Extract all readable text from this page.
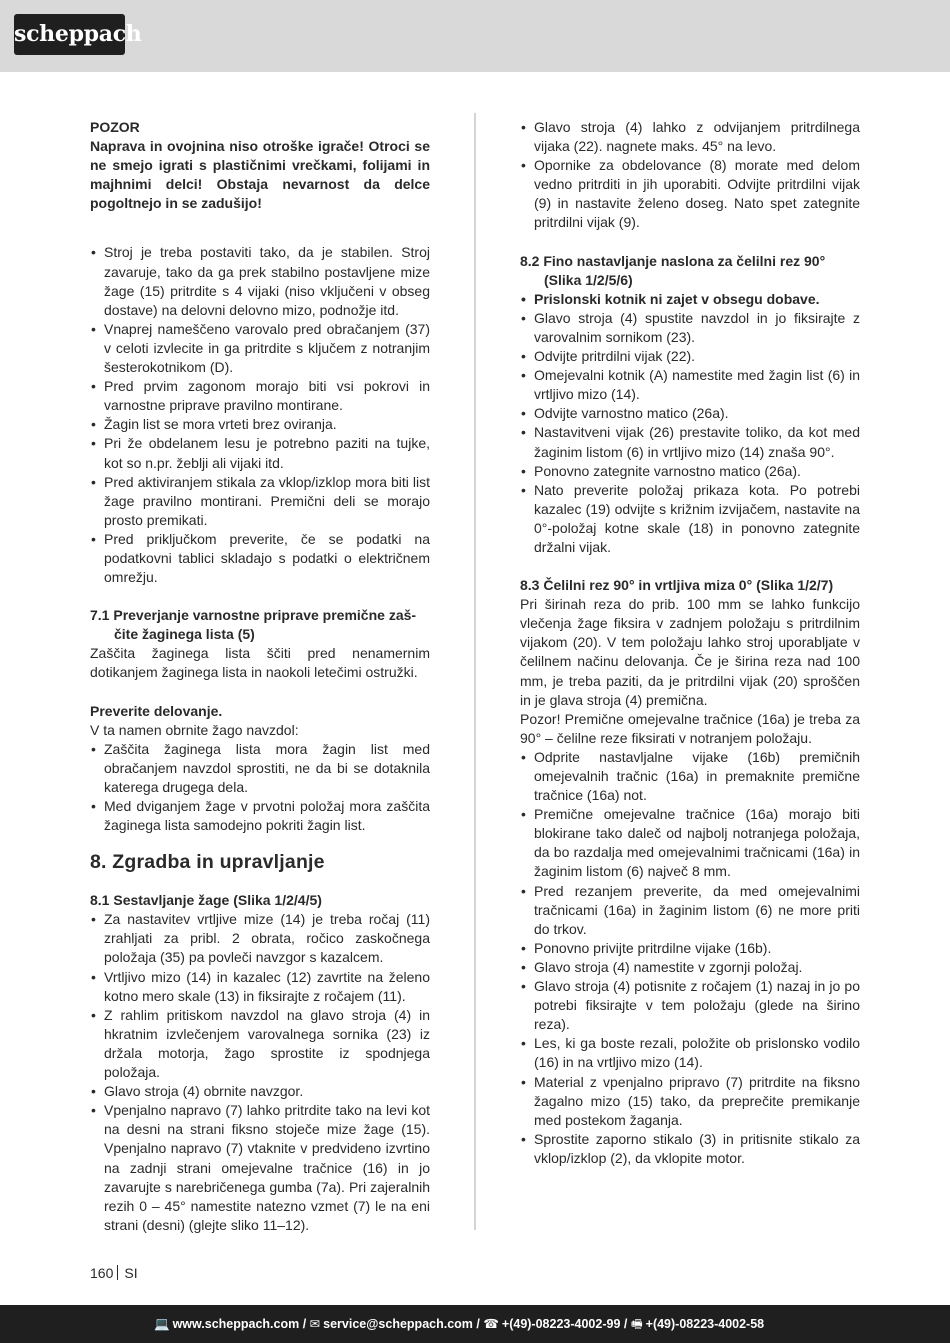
scheppach

POZOR

Naprava in ovojnina niso otroške igrače! Otroci se ne smejo igrati s plastičnimi vrečkami, folijami in majhnimi delci! Obstaja nevarnost da delce pogoltnejo in se zadušijo!

• Stroj je treba postaviti tako, da je stabilen. Stroj zavaruje, tako da ga prek stabilno postavljene mize žage (15) pritrdite s 4 vijaki (niso vključeni v obseg dostave) na delovni delovno mizo, podnožje itd.
• Vnaprej nameščeno varovalo pred obračanjem (37) v celoti izvlecite in ga pritrdite s ključem z notranjim šesterokotnikom (D).
• Pred prvim zagonom morajo biti vsi pokrovi in varnostne priprave pravilno montirane.
• Žagin list se mora vrteti brez oviranja.
• Pri že obdelanem lesu je potrebno paziti na tujke, kot so n.pr. žeblji ali vijaki itd.
• Pred aktiviranjem stikala za vklop/izklop mora biti list žage pravilno montirani. Premični deli se morajo prosto premikati.
• Pred priključkom preverite, če se podatki na podatkovni tablici skladajo s podatki o električnem omrežju.
7.1 Preverjanje varnostne priprave premične zaš-
čite žaginega lista (5)

Zaščita žaginega lista ščiti pred nenamernim dotikanjem žaginega lista in naokoli letečimi ostružki.

Preverite delovanje.

V ta namen obrnite žago navzdol:

• Zaščita žaginega lista mora žagin list med obračanjem navzdol sprostiti, ne da bi se dotaknila katerega drugega dela.
• Med dviganjem žage v prvotni položaj mora zaščita žaginega lista samodejno pokriti žagin list.
8. Zgradba in upravljanje
8.1 Sestavljanje žage (Slika 1/2/4/5)
• Za nastavitev vrtljive mize (14) je treba ročaj (11) zrahljati za pribl. 2 obrata, ročico zaskočnega položaja (35) pa povleči navzgor s kazalcem.
• Vrtljivo mizo (14) in kazalec (12) zavrtite na želeno kotno mero skale (13) in fiksirajte z ročajem (11).
• Z rahlim pritiskom navzdol na glavo stroja (4) in hkratnim izvlečenjem varovalnega sornika (23) iz držala motorja, žago sprostite iz spodnjega položaja.
• Glavo stroja (4) obrnite navzgor.
• Vpenjalno napravo (7) lahko pritrdite tako na levi kot na desni na strani fiksno stoječe mize žage (15). Vpenjalno napravo (7) vtaknite v predvideno izvrtino na zadnji strani omejevalne tračnice (16) in jo zavarujte s narebričenega gumba (7a). Pri zajeralnih rezih 0 – 45° namestite natezno vzmet (7) le na eni strani (desni) (glejte sliko 11–12).
• Glavo stroja (4) lahko z odvijanjem pritrdilnega vijaka (22). nagnete maks. 45° na levo.
• Opornike za obdelovance (8) morate med delom vedno pritrditi in jih uporabiti. Odvijte pritrdilni vijak (9) in nastavite želeno doseg. Nato spet zategnite pritrdilni vijak (9).
8.2 Fino nastavljanje naslona za čelilni rez 90°
(Slika 1/2/5/6)
• Prislonski kotnik ni zajet v obsegu dobave.
• Glavo stroja (4) spustite navzdol in jo fiksirajte z varovalnim sornikom (23).
• Odvijte pritrdilni vijak (22).
• Omejevalni kotnik (A) namestite med žagin list (6) in vrtljivo mizo (14).
• Odvijte varnostno matico (26a).
• Nastavitveni vijak (26) prestavite toliko, da kot med žaginim listom (6) in vrtljivo mizo (14) znaša 90°.
• Ponovno zategnite varnostno matico (26a).
• Nato preverite položaj prikaza kota. Po potrebi kazalec (19) odvijte s križnim izvijačem, nastavite na 0°-položaj kotne skale (18) in ponovno zategnite držalni vijak.
8.3 Čelilni rez 90° in vrtljiva miza 0° (Slika 1/2/7)

Pri širinah reza do prib. 100 mm se lahko funkcijo vlečenja žage fiksira v zadnjem položaju s pritrdilnim vijakom (20). V tem položaju lahko stroj uporabljate v čelilnem načinu delovanja. Če je širina reza nad 100 mm, je treba paziti, da je pritrdilni vijak (20) sproščen in je glava stroja (4) premična.

Pozor! Premične omejevalne tračnice (16a) je treba za 90° – čelilne reze fiksirati v notranjem položaju.

• Odprite nastavljalne vijake (16b) premičnih omejevalnih tračnic (16a) in premaknite premične tračnice (16a) not.
• Premične omejevalne tračnice (16a) morajo biti blokirane tako daleč od najbolj notranjega položaja, da bo razdalja med omejevalnimi tračnicami (16a) in žaginim listom (6) največ 8 mm.
• Pred rezanjem preverite, da med omejevalnimi tračnicami (16a) in žaginim listom (6) ne more priti do trkov.
• Ponovno privijte pritrdilne vijake (16b).
• Glavo stroja (4) namestite v zgornji položaj.
• Glavo stroja (4) potisnite z ročajem (1) nazaj in jo po potrebi fiksirajte v tem položaju (glede na širino reza).
• Les, ki ga boste rezali, položite ob prislonsko vodilo (16) in na vrtljivo mizo (14).
• Material z vpenjalno pripravo (7) pritrdite na fiksno žagalno mizo (15) tako, da preprečite premikanje med postekom žaganja.
• Sprostite zaporno stikalo (3) in pritisnite stikalo za vklop/izklop (2), da vklopite motor.
160 SI
💻 www.scheppach.com / ✉ service@scheppach.com / ☎ +(49)-08223-4002-99 / 🖷 +(49)-08223-4002-58
